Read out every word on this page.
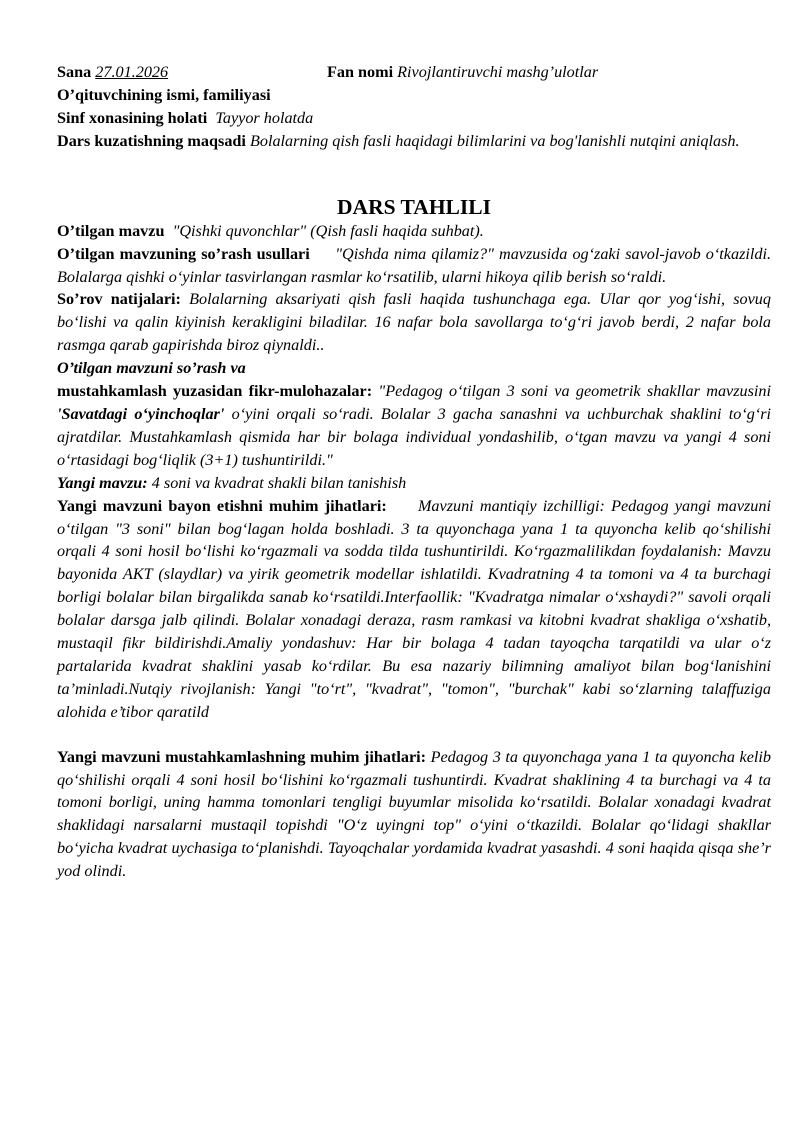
Sana 27.01.2026	Fan nomi Rivojlantiruvchi mashg’ulotlar

O’qituvchining ismi, familiyasi

Sinf xonasining holati Tayyor holatda

Dars kuzatishning maqsadi Bolalarning qish fasli haqidagi bilimlarini va bog'lanishli nutqini aniqlash.

DARS TAHLILI

O’tilgan mavzu "Qishki quvonchlar" (Qish fasli haqida suhbat).

O’tilgan mavzuning so’rash usullari "Qishda nima qilamiz?" mavzusida og‘zaki savol-javob o‘tkazildi. Bolalarga qishki o‘yinlar tasvirlangan rasmlar ko‘rsatilib, ularni hikoya qilib berish so‘raldi.

So’rov natijalari: Bolalarning aksariyati qish fasli haqida tushunchaga ega. Ular qor yog‘ishi, sovuq bo‘lishi va qalin kiyinish kerakligini biladilar. 16 nafar bola savollarga to‘g‘ri javob berdi, 2 nafar bola rasmga qarab gapirishda biroz qiynaldi..

O’tilgan mavzuni so’rash va

mustahkamlash yuzasidan fikr-mulohazalar: "Pedagog o‘tilgan 3 soni va geometrik shakllar mavzusini 'Savatdagi o‘yinchoqlar' o‘yini orqali so‘radi. Bolalar 3 gacha sanashni va uchburchak shaklini to‘g‘ri ajratdilar. Mustahkamlash qismida har bir bolaga individual yondashilib, o‘tgan mavzu va yangi 4 soni o‘rtasidagi bog‘liqlik (3+1) tushuntirildi."

Yangi mavzu: 4 soni va kvadrat shakli bilan tanishish

Yangi mavzuni bayon etishni muhim jihatlari: Mavzuni mantiqiy izchilligi: Pedagog yangi mavzuni o‘tilgan "3 soni" bilan bog‘lagan holda boshladi. 3 ta quyonchaga yana 1 ta quyoncha kelib qo‘shilishi orqali 4 soni hosil bo‘lishi ko‘rgazmali va sodda tilda tushuntirildi. Ko‘rgazmalilikdan foydalanish: Mavzu bayonida AKT (slaydlar) va yirik geometrik modellar ishlatildi. Kvadratning 4 ta tomoni va 4 ta burchagi borligi bolalar bilan birgalikda sanab ko‘rsatildi.Interfaollik: "Kvadratga nimalar o‘xshaydi?" savoli orqali bolalar darsga jalb qilindi. Bolalar xonadagi deraza, rasm ramkasi va kitobni kvadrat shakliga o‘xshatib, mustaqil fikr bildirishdi.Amaliy yondashuv: Har bir bolaga 4 tadan tayoqcha tarqatildi va ular o‘z partalarida kvadrat shaklini yasab ko‘rdilar. Bu esa nazariy bilimning amaliyot bilan bog‘lanishini ta’minladi.Nutqiy rivojlanish: Yangi "to‘rt", "kvadrat", "tomon", "burchak" kabi so‘zlarning talaffuziga alohida e’tibor qaratild

Yangi mavzuni mustahkamlashning muhim jihatlari: Pedagog 3 ta quyonchaga yana 1 ta quyoncha kelib qo‘shilishi orqali 4 soni hosil bo‘lishini ko‘rgazmali tushuntirdi. Kvadrat shaklining 4 ta burchagi va 4 ta tomoni borligi, uning hamma tomonlari tengligi buyumlar misolida ko‘rsatildi. Bolalar xonadagi kvadrat shaklidagi narsalarni mustaqil topishdi "O‘z uyingni top" o‘yini o‘tkazildi. Bolalar qo‘lidagi shakllar bo‘yicha kvadrat uychasiga to‘planishdi. Tayoqchalar yordamida kvadrat yasashdi. 4 soni haqida qisqa she’r yod olindi.
